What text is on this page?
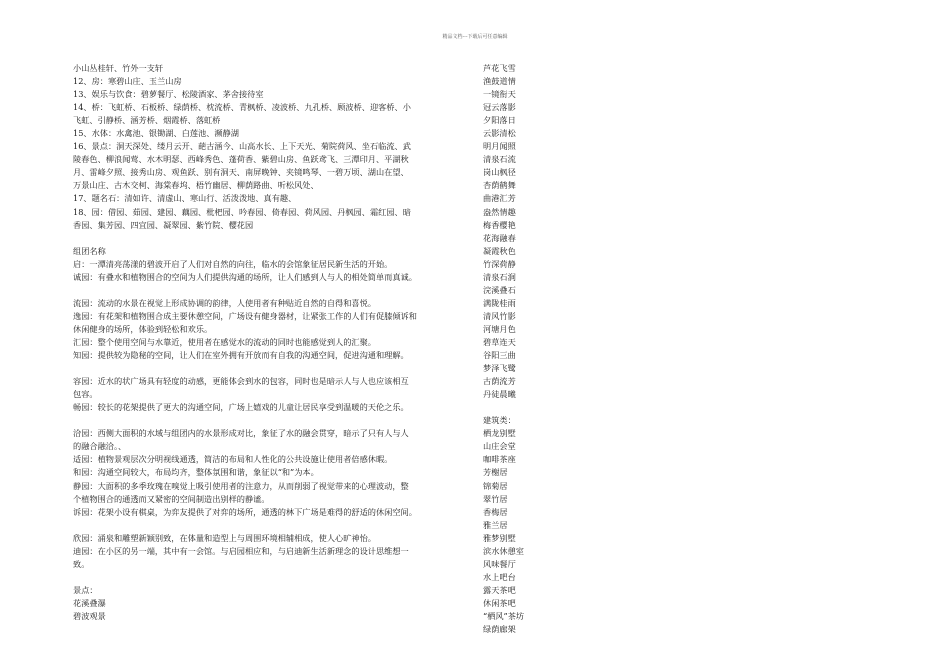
精品文档---下载后可任意编辑
小山丛桂轩、竹外一支轩
12、房：寒碧山庄、玉兰山房
13、娱乐与饮食：碧萝餐厅、松陵酒家、茅舍接待室
14、桥：飞虹桥、石板桥、绿荫桥、枕流桥、青枫桥、凌波桥、九孔桥、顾波桥、迎客桥、小
飞虹、引静桥、涵芳桥、烟霞桥、落虹桥
15、水体：水禽池、银锄湖、白莲池、濒静湖
16、景点：洞天深处、缕月云开、葩古涵今、山高水长、上下天光、菊院荷风、坐石临流、武
陵春色、柳浪闻莺、水木明瑟、西峰秀色、蓬荷香、紫碧山房、鱼跃鸢飞、三潭印月、平湖秋
月、雷峰夕照、接秀山房、观鱼跃、别有洞天、南屏晚钟、夹镜鸣琴、一碧万顷、湖山在望、
万景山庄、古木交柯、海棠春坞、梧竹幽居、柳荫路曲、听松风处、
17、题名石：清如许、清虚山、寒山行、活泼泼地、真有趣、
18、园：借园、茹园、建园、藕园、枇杷园、吟春园、倚春园、荷风园、丹枫园、霜红园、暗
香园、集芳园、四宜园、凝翠园、紫竹院、樱花园
组团名称
启：一潭清亮荡漾的碧波开启了人们对自然的向往，临水的会馆象征居民新生活的开始。
诚园：有叠水和植物围合的空间为人们提供沟通的场所，让人们感到人与人的相处简单而真诚。
流园：流动的水景在视觉上形成协调的韵律，人使用者有种贴近自然的自得和喜悦。
逸园：有花架和植物围合成主要休憩空间，广场设有健身器材，让紧张工作的人们有促膝倾诉和
休闲健身的场所，体验到轻松和欢乐。
汇园：整个使用空间与水靠近，使用者在感觉水的流动的同时也能感觉到人的汇聚。
知园：提供较为隐秘的空间，让人们在室外拥有开放而有自我的沟通空间，促进沟通和理解。
容园：近水的状广场具有轻度的动感，更能体会到水的包容，同时也是暗示人与人也应该相互
包容。
畅园：较长的花架提供了更大的沟通空间，广场上嬉戏的儿童让居民享受到温暖的天伦之乐。
洽园：西侧大面积的水域与组团内的水景形成对比，象征了水的融会贯穿，暗示了只有人与人
的融合融洽。、
适园：植物景观层次分明视线通透，简洁的布局和人性化的公共设施让使用者倍感休暇。
和园：沟通空间较大，布局均齐，整体氛围和谐，象征以“和”为本。
静园：大面积的多季玫瑰在嗅觉上吸引使用者的注意力，从而削弱了视觉带来的心理波动，整
个植物围合的通透而又紧密的空间制造出别样的静谧。
诉园：花架小设有棋桌，为弈友提供了对弈的场所，通透的林下广场是难得的舒适的休闲空间。
欣园：涌泉和雕塑新颖别致，在体量和造型上与周围环境相辅相成，使人心旷神怡。
迪园：在小区的另一端，其中有一会馆。与启园相应和，与启迪新生活新理念的设计思维想一
致。
景点：
花溪叠瀑
碧波观景
芦花飞雪
渔鼓道情
一镜衔天
冠云落影
夕阳落日
云影清松
明月闻照
清泉石流
岗山枫径
杏荫鹤舞
曲港汇芳
盎然情趣
梅香樱艳
花海融春
凝霞秋色
竹深荷静
清泉石涧
浣溪叠石
满陇桂雨
清风竹影
河塘月色
碧草连天
谷阳三曲
梦泽飞鹭
古荫流芳
丹徒晨曦
建筑类：
栖龙别墅
山庄会堂
咖啡茶座
芳榭居
锦菊居
翠竹居
香梅居
雅兰居
雅梦别墅
滨水休憩室
风味餐厅
水上吧台
露天茶吧
休闲茶吧
“栖风”茶坊
绿荫廊架
